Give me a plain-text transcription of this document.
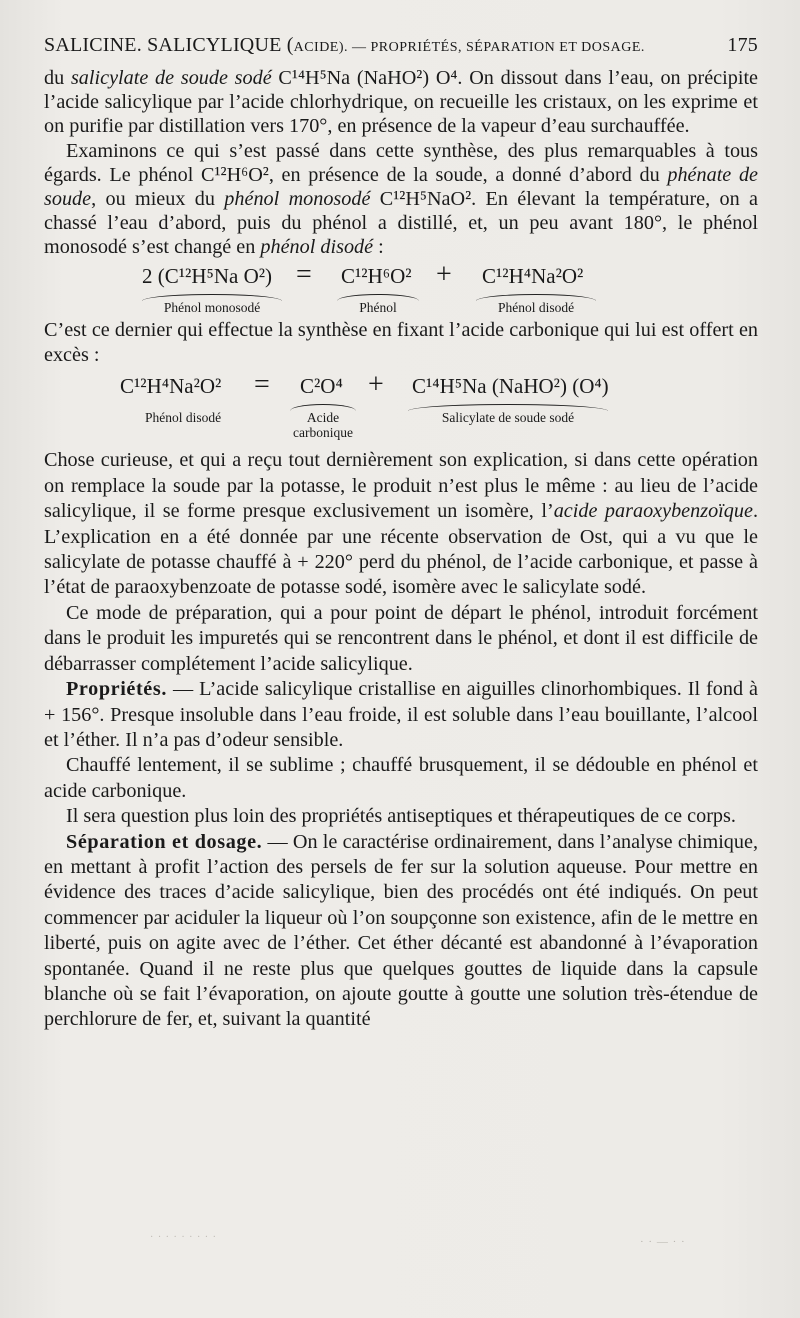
SALICINE. SALICYLIQUE (ACIDE). — PROPRIÉTÉS, SÉPARATION ET DOSAGE.	175

du salicylate de soude sodé C¹⁴H⁵Na (NaHO²) O⁴. On dissout dans l’eau, on précipite l’acide salicylique par l’acide chlorhydrique, on recueille les cristaux, on les exprime et on purifie par distillation vers 170°, en présence de la vapeur d’eau surchauffée.

Examinons ce qui s’est passé dans cette synthèse, des plus remarquables à tous égards. Le phénol C¹²H⁶O², en présence de la soude, a donné d’abord du phénate de soude, ou mieux du phénol monosodé C¹²H⁵NaO². En élevant la température, on a chassé l’eau d’abord, puis du phénol a distillé, et, un peu avant 180°, le phénol monosodé s’est changé en phénol disodé :

2 (C¹²H⁵Na O²) = C¹²H⁶O² + C¹²H⁴Na²O²
Phénol monosodé	Phénol	Phénol disodé

C’est ce dernier qui effectue la synthèse en fixant l’acide carbonique qui lui est offert en excès :

C¹²H⁴Na²O² = C²O⁴ + C¹⁴H⁵Na (NaHO²) (O⁴)
Phénol disodé	Acide carbonique
Salicylate de soude sodé

Chose curieuse, et qui a reçu tout dernièrement son explication, si dans cette opération on remplace la soude par la potasse, le produit n’est plus le même : au lieu de l’acide salicylique, il se forme presque exclusivement un isomère, l’acide paraoxybenzoïque. L’explication en a été donnée par une récente observation de Ost, qui a vu que le salicylate de potasse chauffé à + 220° perd du phénol, de l’acide carbonique, et passe à l’état de paraoxybenzoate de potasse sodé, isomère avec le salicylate sodé.

Ce mode de préparation, qui a pour point de départ le phénol, introduit forcément dans le produit les impuretés qui se rencontrent dans le phénol, et dont il est difficile de débarrasser complétement l’acide salicylique.

Propriétés. — L’acide salicylique cristallise en aiguilles clinorhombiques. Il fond à + 156°. Presque insoluble dans l’eau froide, il est soluble dans l’eau bouillante, l’alcool et l’éther. Il n’a pas d’odeur sensible.

Chauffé lentement, il se sublime ; chauffé brusquement, il se dédouble en phénol et acide carbonique.

Il sera question plus loin des propriétés antiseptiques et thérapeutiques de ce corps.

Séparation et dosage. — On le caractérise ordinairement, dans l’analyse chimique, en mettant à profit l’action des persels de fer sur la solution aqueuse. Pour mettre en évidence des traces d’acide salicylique, bien des procédés ont été indiqués. On peut commencer par aciduler la liqueur où l’on soupçonne son existence, afin de le mettre en liberté, puis on agite avec de l’éther. Cet éther décanté est abandonné à l’évaporation spontanée. Quand il ne reste plus que quelques gouttes de liquide dans la capsule blanche où se fait l’évaporation, on ajoute goutte à goutte une solution très-étendue de perchlorure de fer, et, suivant la quantité

· · · · · · · · ·	· · — · ·
